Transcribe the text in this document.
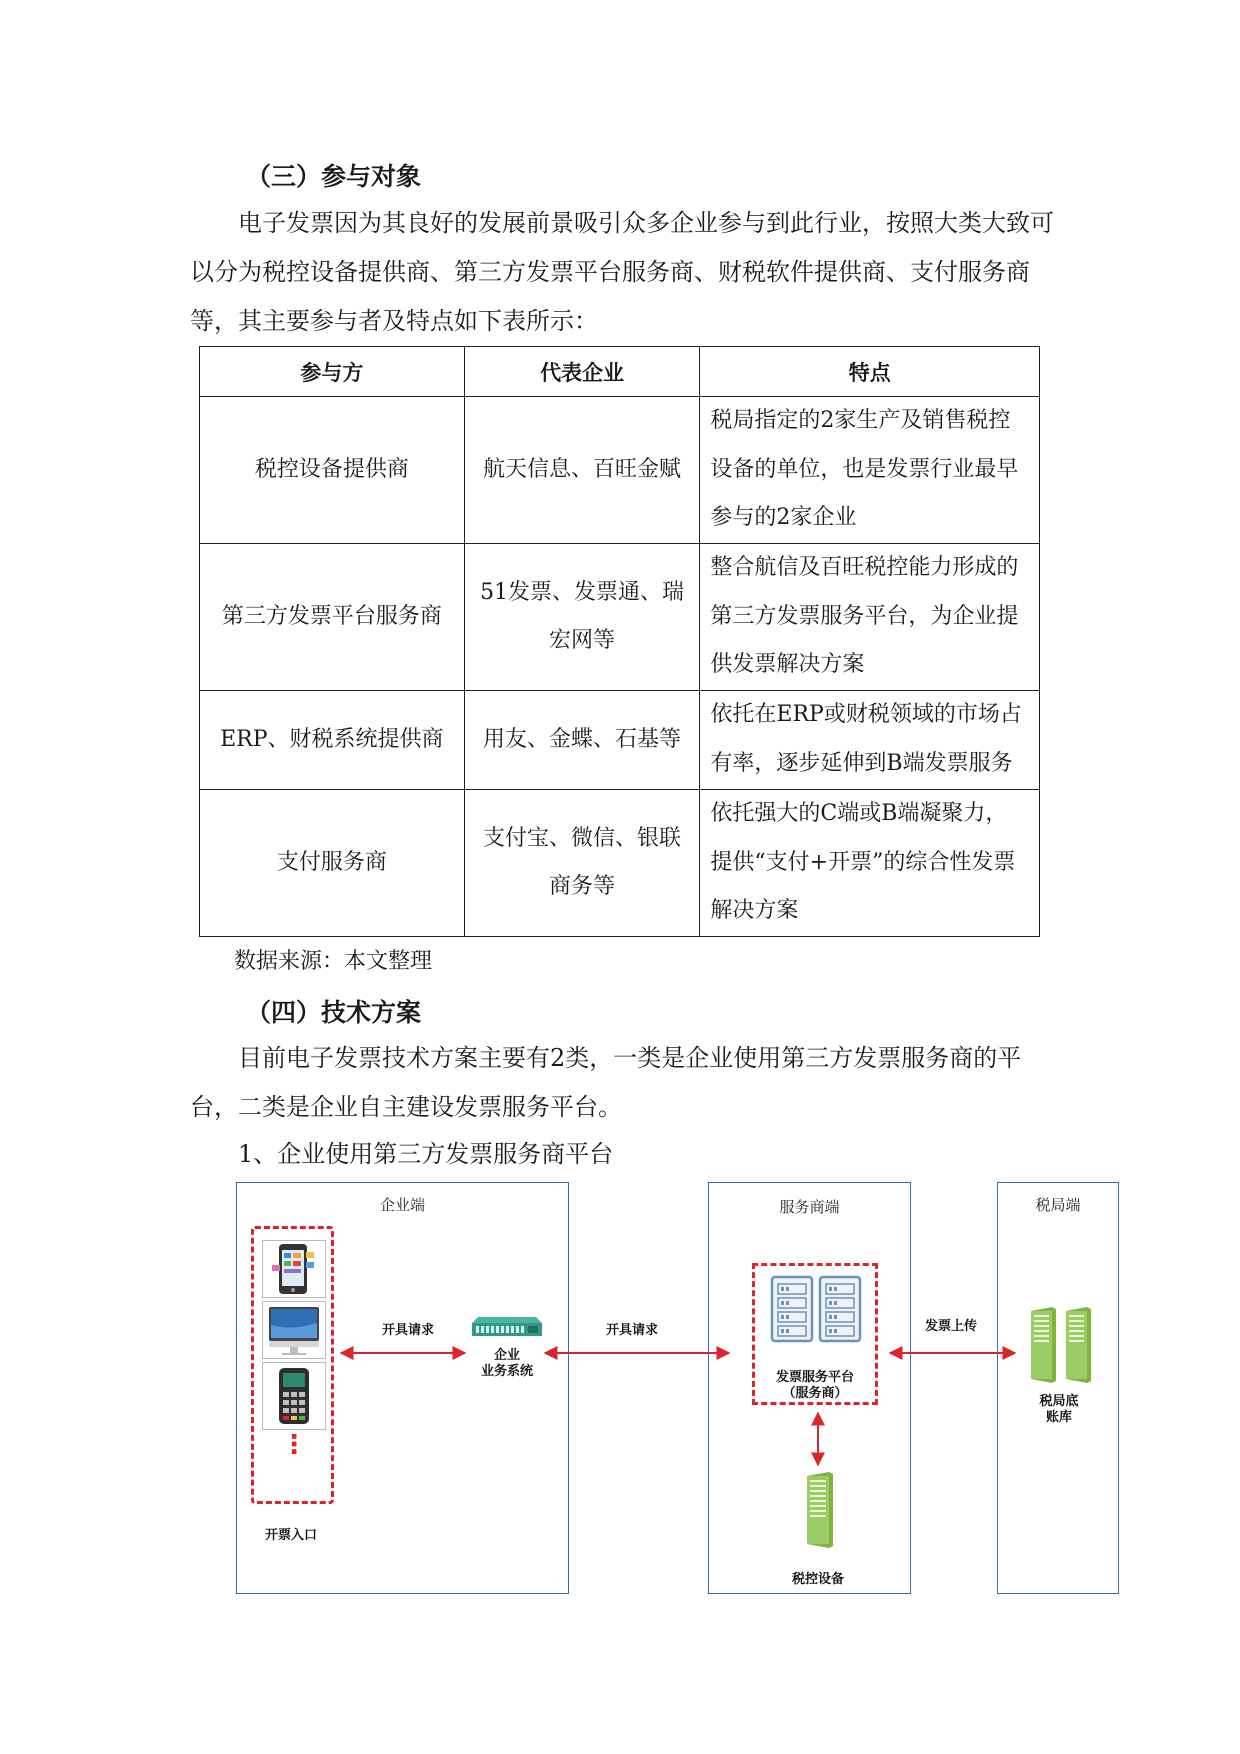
（三）参与对象
电子发票因为其良好的发展前景吸引众多企业参与到此行业，按照大类大致可以分为税控设备提供商、第三方发票平台服务商、财税软件提供商、支付服务商等，其主要参与者及特点如下表所示：
参与方	代表企业	特点
税控设备提供商	航天信息、百旺金赋	税局指定的2家生产及销售税控设备的单位，也是发票行业最早参与的2家企业
第三方发票平台服务商	51发票、发票通、瑞宏网等	整合航信及百旺税控能力形成的第三方发票服务平台，为企业提供发票解决方案
ERP、财税系统提供商	用友、金蝶、石基等	依托在ERP或财税领域的市场占有率，逐步延伸到B端发票服务
支付服务商	支付宝、微信、银联商务等	依托强大的C端或B端凝聚力，提供“支付+开票”的综合性发票解决方案
数据来源：本文整理
（四）技术方案
目前电子发票技术方案主要有2类，一类是企业使用第三方发票服务商的平台，二类是企业自主建设发票服务平台。
1、企业使用第三方发票服务商平台
企业端	服务商端	税局端
⋮
开票入口
开具请求	开具请求	发票上传
企业
业务系统	发票服务平台
（服务商）
税控设备
税局底
账库
